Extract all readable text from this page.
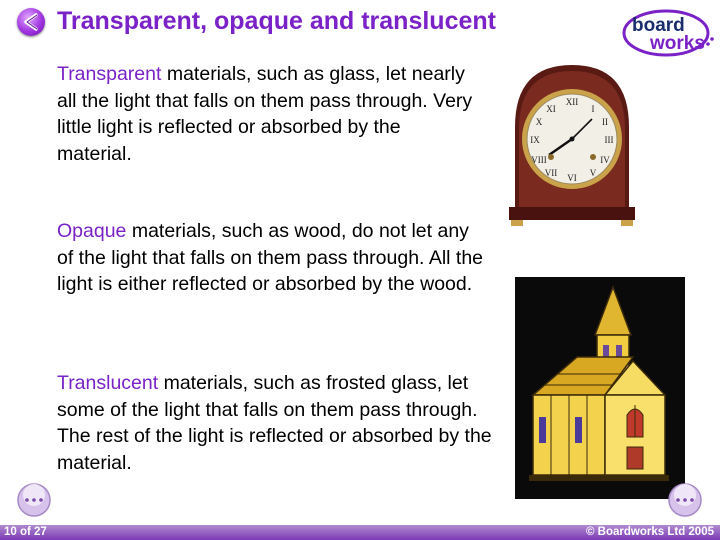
Transparent, opaque and translucent	board
works
Transparent materials, such as glass, let nearly all the light that falls on them pass through. Very little light is reflected or absorbed by the material.
Opaque materials, such as wood, do not let any of the light that falls on them pass through. All the light is either reflected or absorbed by the wood.
Translucent materials, such as frosted glass, let some of the light that falls on them pass through. The rest of the light is reflected or absorbed by the material.
XII
III
VI
IX
I
II
XI
X
IV
V
VII
VIII
10 of 27	© Boardworks Ltd 2005
